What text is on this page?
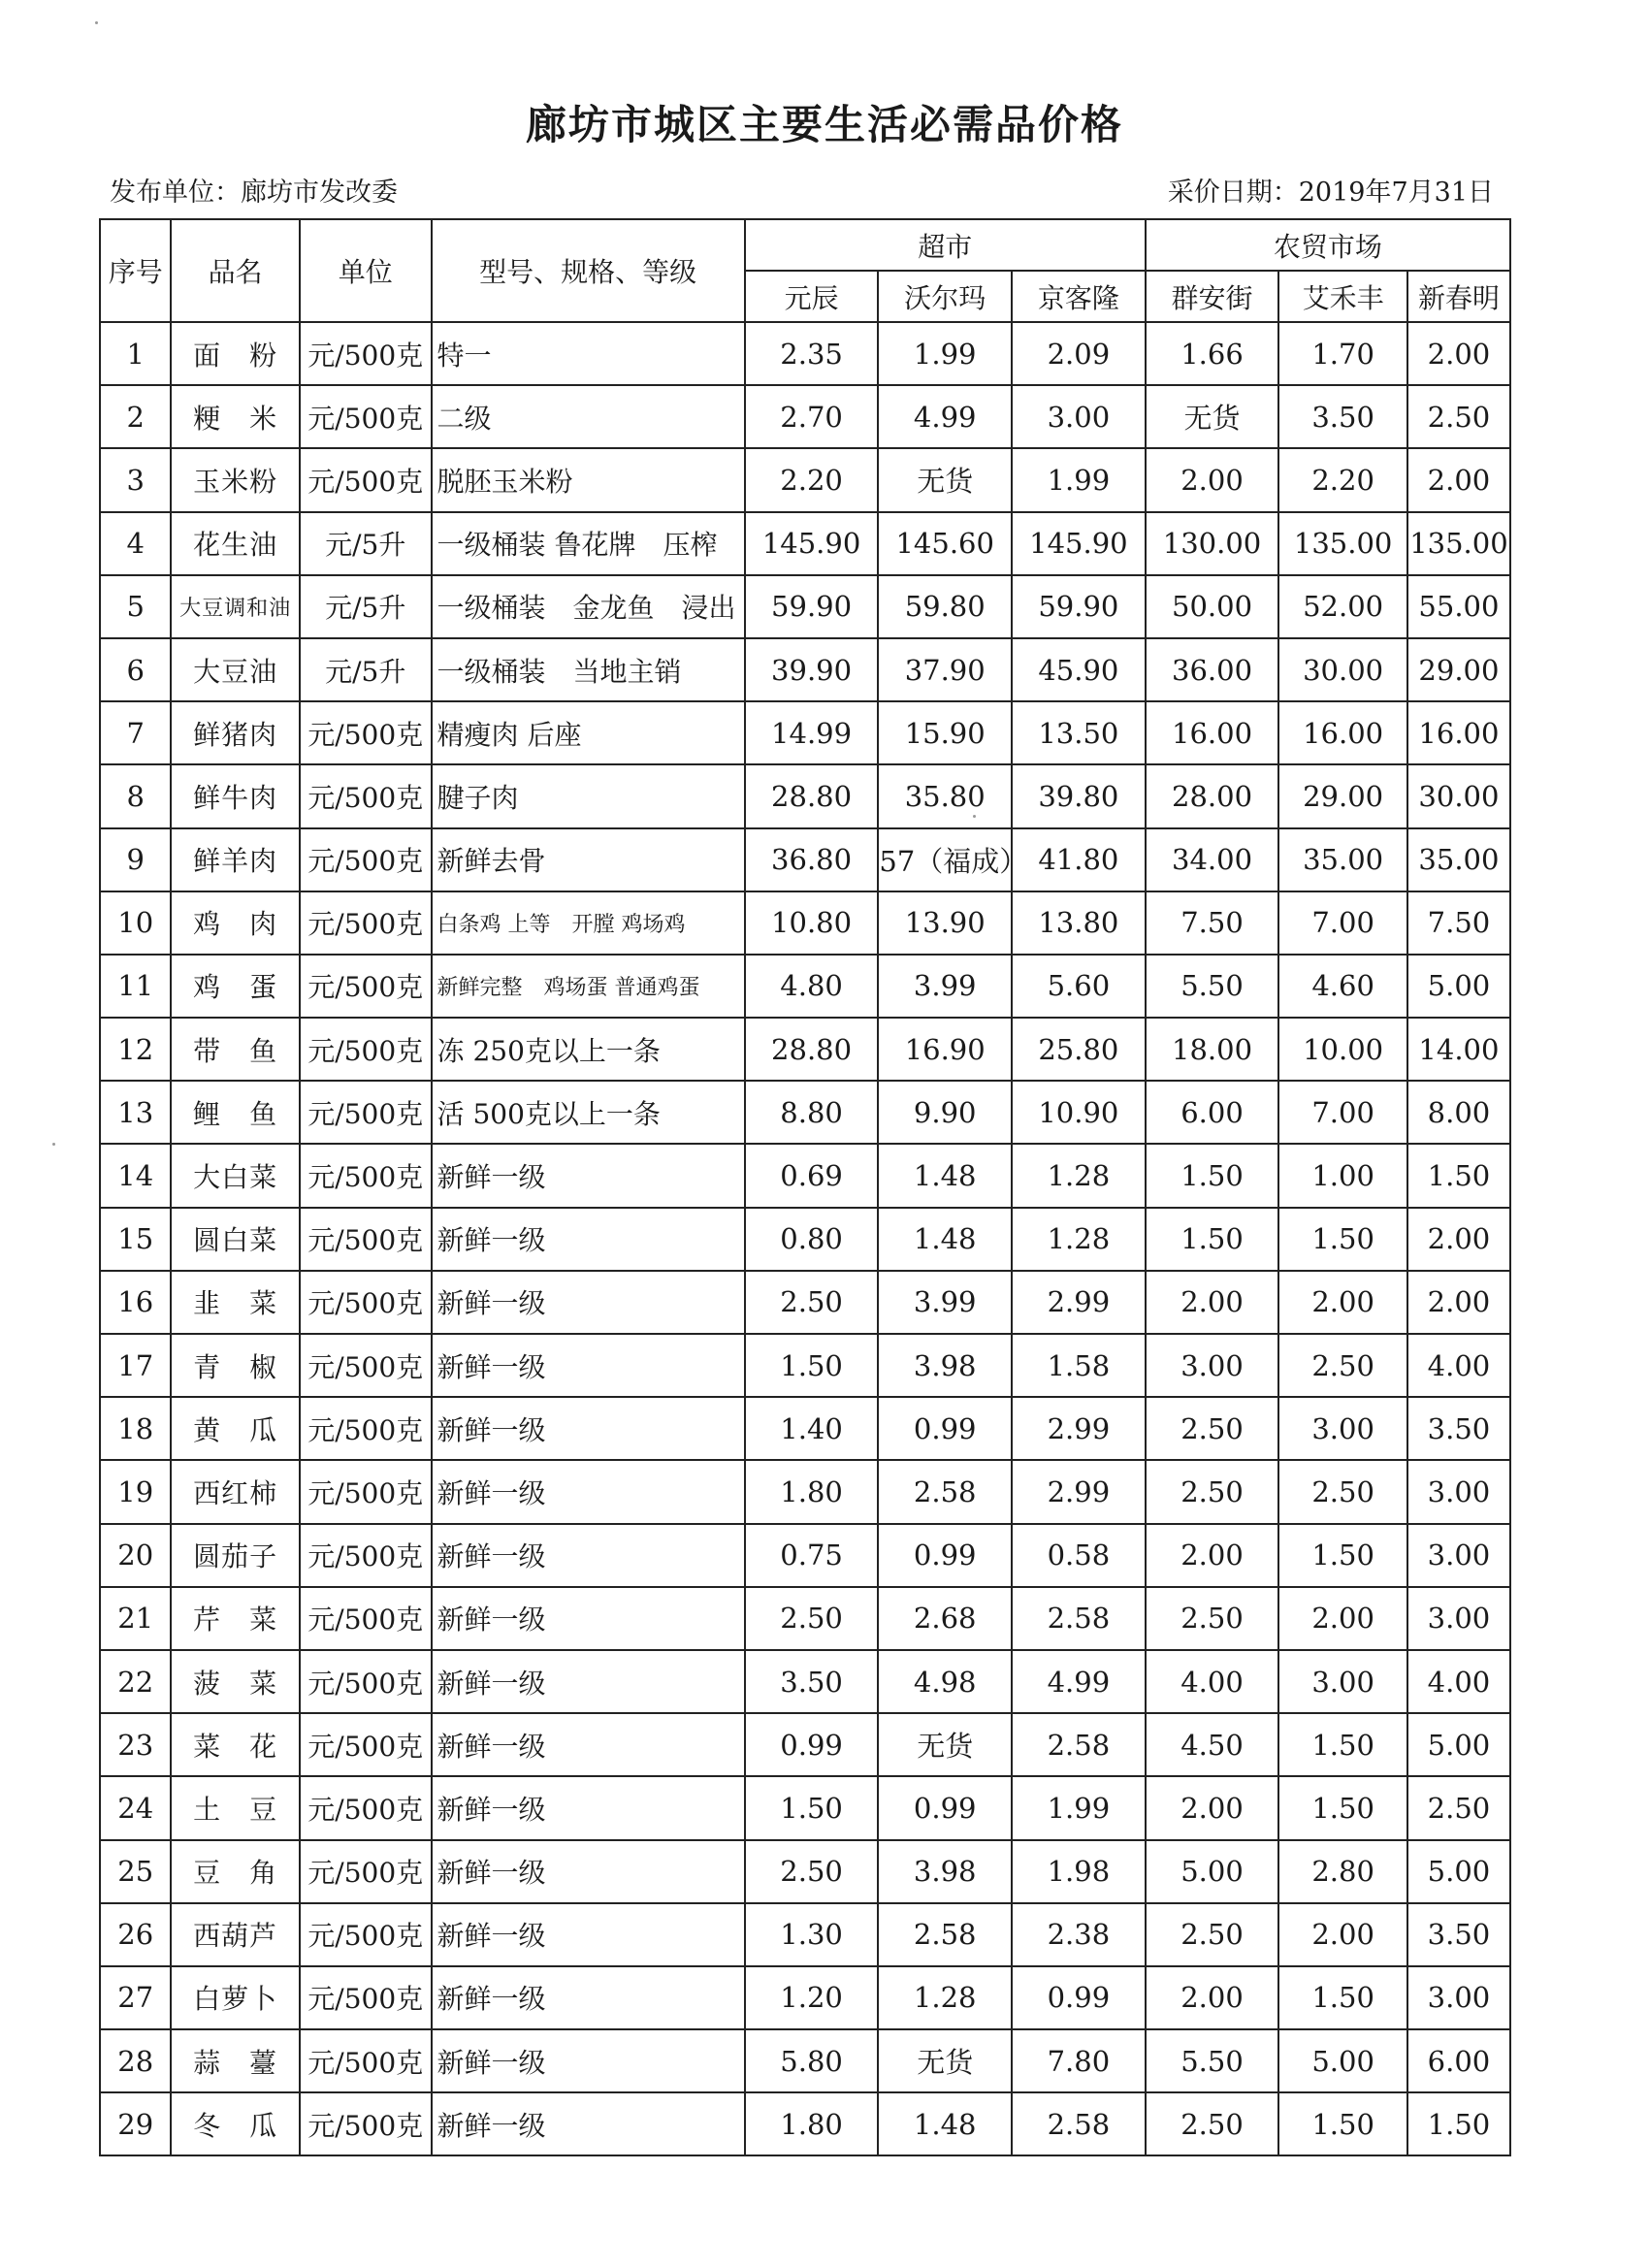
廊坊市城区主要生活必需品价格
发布单位：廊坊市发改委	采价日期：2019年7月31日
序号	品名	单位	型号、规格、等级	超市			农贸市场		
				元辰	沃尔玛	京客隆	群安街	艾禾丰	新春明
1	面　粉	元/500克	特一	2.35	1.99	2.09	1.66	1.70	2.00
2	粳　米	元/500克	二级	2.70	4.99	3.00	无货	3.50	2.50
3	玉米粉	元/500克	脱胚玉米粉	2.20	无货	1.99	2.00	2.20	2.00
4	花生油	元/5升	一级桶装 鲁花牌　压榨	145.90	145.60	145.90	130.00	135.00	135.00
5	大豆调和油	元/5升	一级桶装　金龙鱼　浸出	59.90	59.80	59.90	50.00	52.00	55.00
6	大豆油	元/5升	一级桶装　当地主销	39.90	37.90	45.90	36.00	30.00	29.00
7	鲜猪肉	元/500克	精瘦肉 后座	14.99	15.90	13.50	16.00	16.00	16.00
8	鲜牛肉	元/500克	腱子肉	28.80	35.80	39.80	28.00	29.00	30.00
9	鲜羊肉	元/500克	新鲜去骨	36.80	57（福成）	41.80	34.00	35.00	35.00
10	鸡　肉	元/500克	白条鸡 上等　开膛 鸡场鸡	10.80	13.90	13.80	7.50	7.00	7.50
11	鸡　蛋	元/500克	新鲜完整　鸡场蛋 普通鸡蛋	4.80	3.99	5.60	5.50	4.60	5.00
12	带　鱼	元/500克	冻 250克以上一条	28.80	16.90	25.80	18.00	10.00	14.00
13	鲤　鱼	元/500克	活 500克以上一条	8.80	9.90	10.90	6.00	7.00	8.00
14	大白菜	元/500克	新鲜一级	0.69	1.48	1.28	1.50	1.00	1.50
15	圆白菜	元/500克	新鲜一级	0.80	1.48	1.28	1.50	1.50	2.00
16	韭　菜	元/500克	新鲜一级	2.50	3.99	2.99	2.00	2.00	2.00
17	青　椒	元/500克	新鲜一级	1.50	3.98	1.58	3.00	2.50	4.00
18	黄　瓜	元/500克	新鲜一级	1.40	0.99	2.99	2.50	3.00	3.50
19	西红柿	元/500克	新鲜一级	1.80	2.58	2.99	2.50	2.50	3.00
20	圆茄子	元/500克	新鲜一级	0.75	0.99	0.58	2.00	1.50	3.00
21	芹　菜	元/500克	新鲜一级	2.50	2.68	2.58	2.50	2.00	3.00
22	菠　菜	元/500克	新鲜一级	3.50	4.98	4.99	4.00	3.00	4.00
23	菜　花	元/500克	新鲜一级	0.99	无货	2.58	4.50	1.50	5.00
24	土　豆	元/500克	新鲜一级	1.50	0.99	1.99	2.00	1.50	2.50
25	豆　角	元/500克	新鲜一级	2.50	3.98	1.98	5.00	2.80	5.00
26	西葫芦	元/500克	新鲜一级	1.30	2.58	2.38	2.50	2.00	3.50
27	白萝卜	元/500克	新鲜一级	1.20	1.28	0.99	2.00	1.50	3.00
28	蒜　薹	元/500克	新鲜一级	5.80	无货	7.80	5.50	5.00	6.00
29	冬　瓜	元/500克	新鲜一级	1.80	1.48	2.58	2.50	1.50	1.50
